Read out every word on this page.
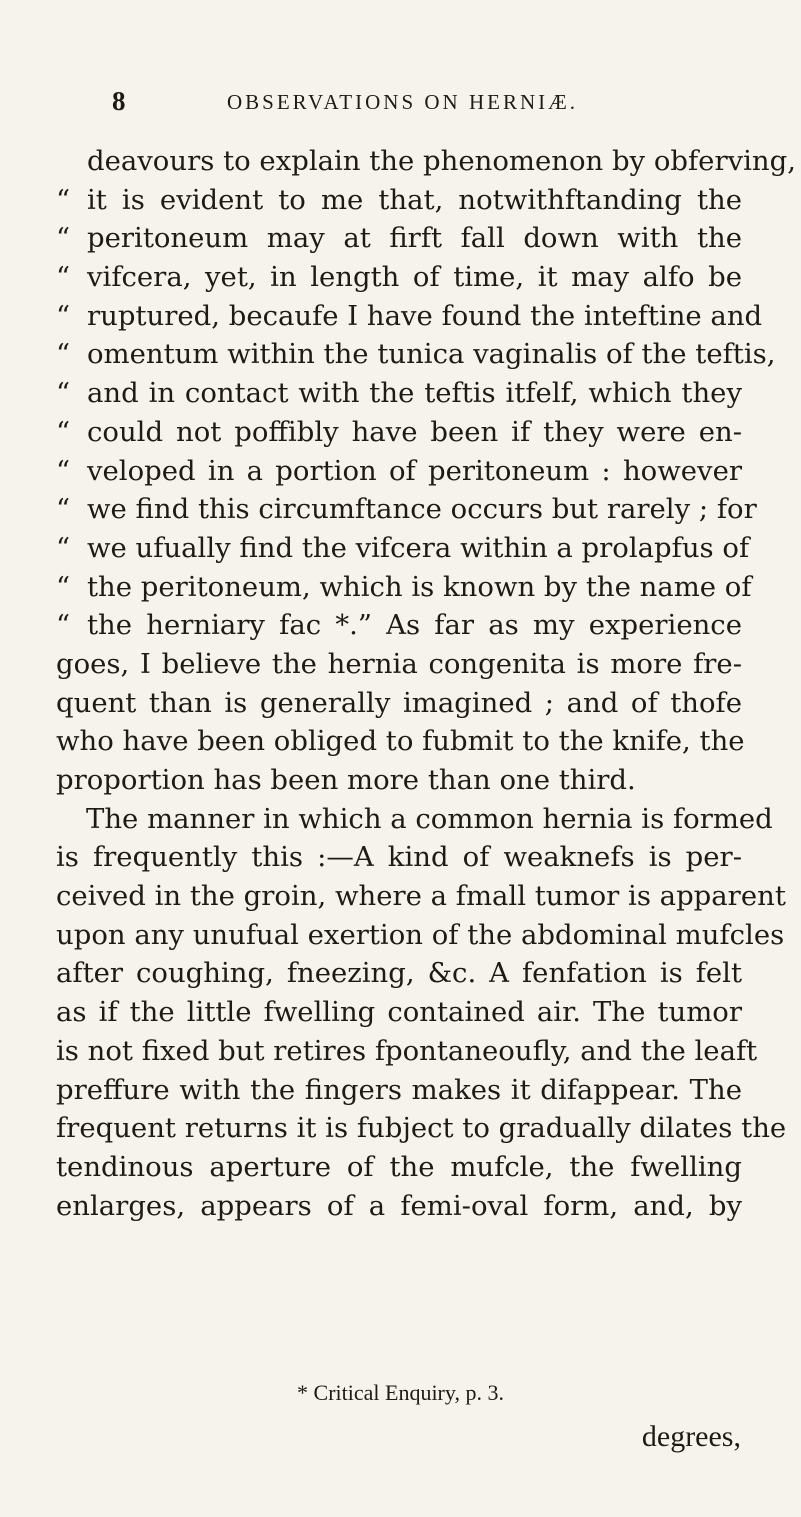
8	OBSERVATIONS ON HERNIÆ.
deavours to explain the phenomenon by obferving,
“ it is evident to me that, notwithftanding the
“ peritoneum may at firft fall down with the
“ vifcera, yet, in length of time, it may alfo be
“ ruptured, becaufe I have found the inteftine and
“ omentum within the tunica vaginalis of the teftis,
“ and in contact with the teftis itfelf, which they
“ could not poffibly have been if they were en-
“ veloped in a portion of peritoneum : however
“ we find this circumftance occurs but rarely ; for
“ we ufually find the vifcera within a prolapfus of
“ the peritoneum, which is known by the name of
“ the herniary fac *.” As far as my experience
goes, I believe the hernia congenita is more fre-
quent than is generally imagined ; and of thofe
who have been obliged to fubmit to the knife, the
proportion has been more than one third.
The manner in which a common hernia is formed
is frequently this :—A kind of weaknefs is per-
ceived in the groin, where a fmall tumor is apparent
upon any unufual exertion of the abdominal mufcles
after coughing, fneezing, &c. A fenfation is felt
as if the little fwelling contained air. The tumor
is not fixed but retires fpontaneoufly, and the leaft
preffure with the fingers makes it difappear. The
frequent returns it is fubject to gradually dilates the
tendinous aperture of the mufcle, the fwelling
enlarges, appears of a femi-oval form, and, by
* Critical Enquiry, p. 3.
degrees,
